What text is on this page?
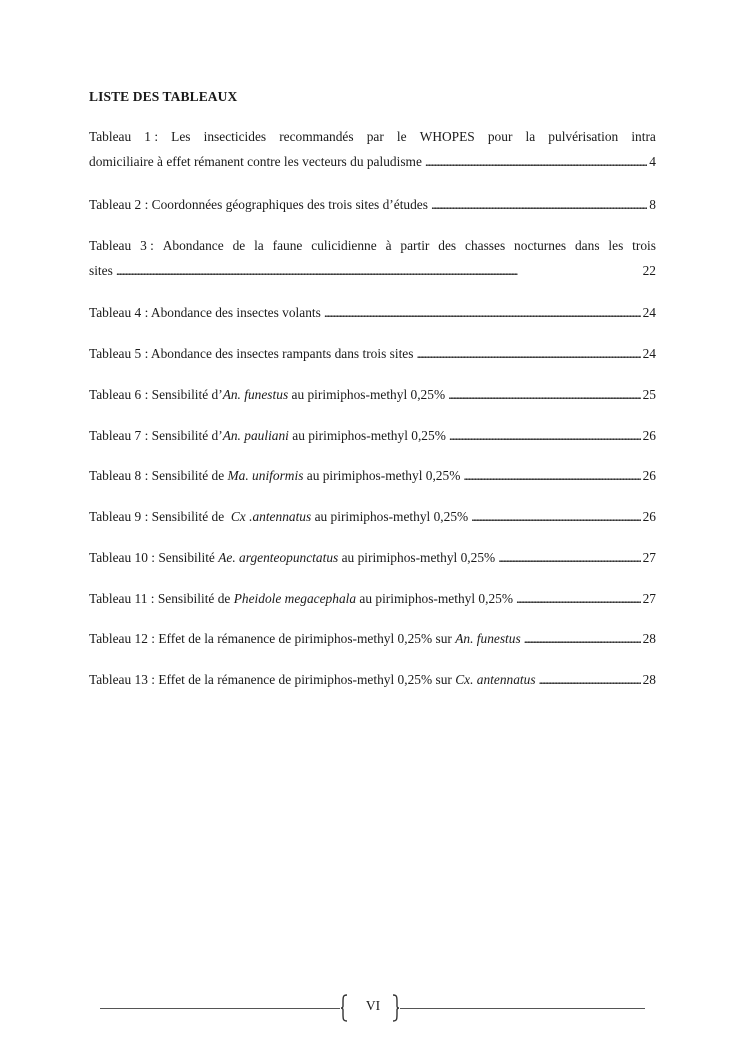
LISTE DES TABLEAUX
Tableau 1 : Les insecticides recommandés par le WHOPES pour la pulvérisation intra
domiciliaire à effet rémanent contre les vecteurs du paludisme . . .	4
Tableau 2 : Coordonnées géographiques des trois sites d’études . . .	8
Tableau 3 : Abondance de la faune culicidienne à partir des chasses nocturnes dans les trois
sites . . .	22
Tableau 4 : Abondance des insectes volants . . .	24
Tableau 5 : Abondance des insectes rampants dans trois sites . . .	24
Tableau 6 : Sensibilité d’An. funestus au pirimiphos-methyl 0,25% . . .	25
Tableau 7 : Sensibilité d’An. pauliani au pirimiphos-methyl 0,25% . . .	26
Tableau 8 : Sensibilité de Ma. uniformis au pirimiphos-methyl 0,25% . . .	26
Tableau 9 : Sensibilité de  Cx .antennatus au pirimiphos-methyl 0,25% . . .	26
Tableau 10 : Sensibilité Ae. argenteopunctatus au pirimiphos-methyl 0,25% . . .	27
Tableau 11 : Sensibilité de Pheidole megacephala au pirimiphos-methyl 0,25% . . .	27
Tableau 12 : Effet de la rémanence de pirimiphos-methyl 0,25% sur An. funestus . . .	28
Tableau 13 : Effet de la rémanence de pirimiphos-methyl 0,25% sur Cx. antennatus . . .	28
VI
